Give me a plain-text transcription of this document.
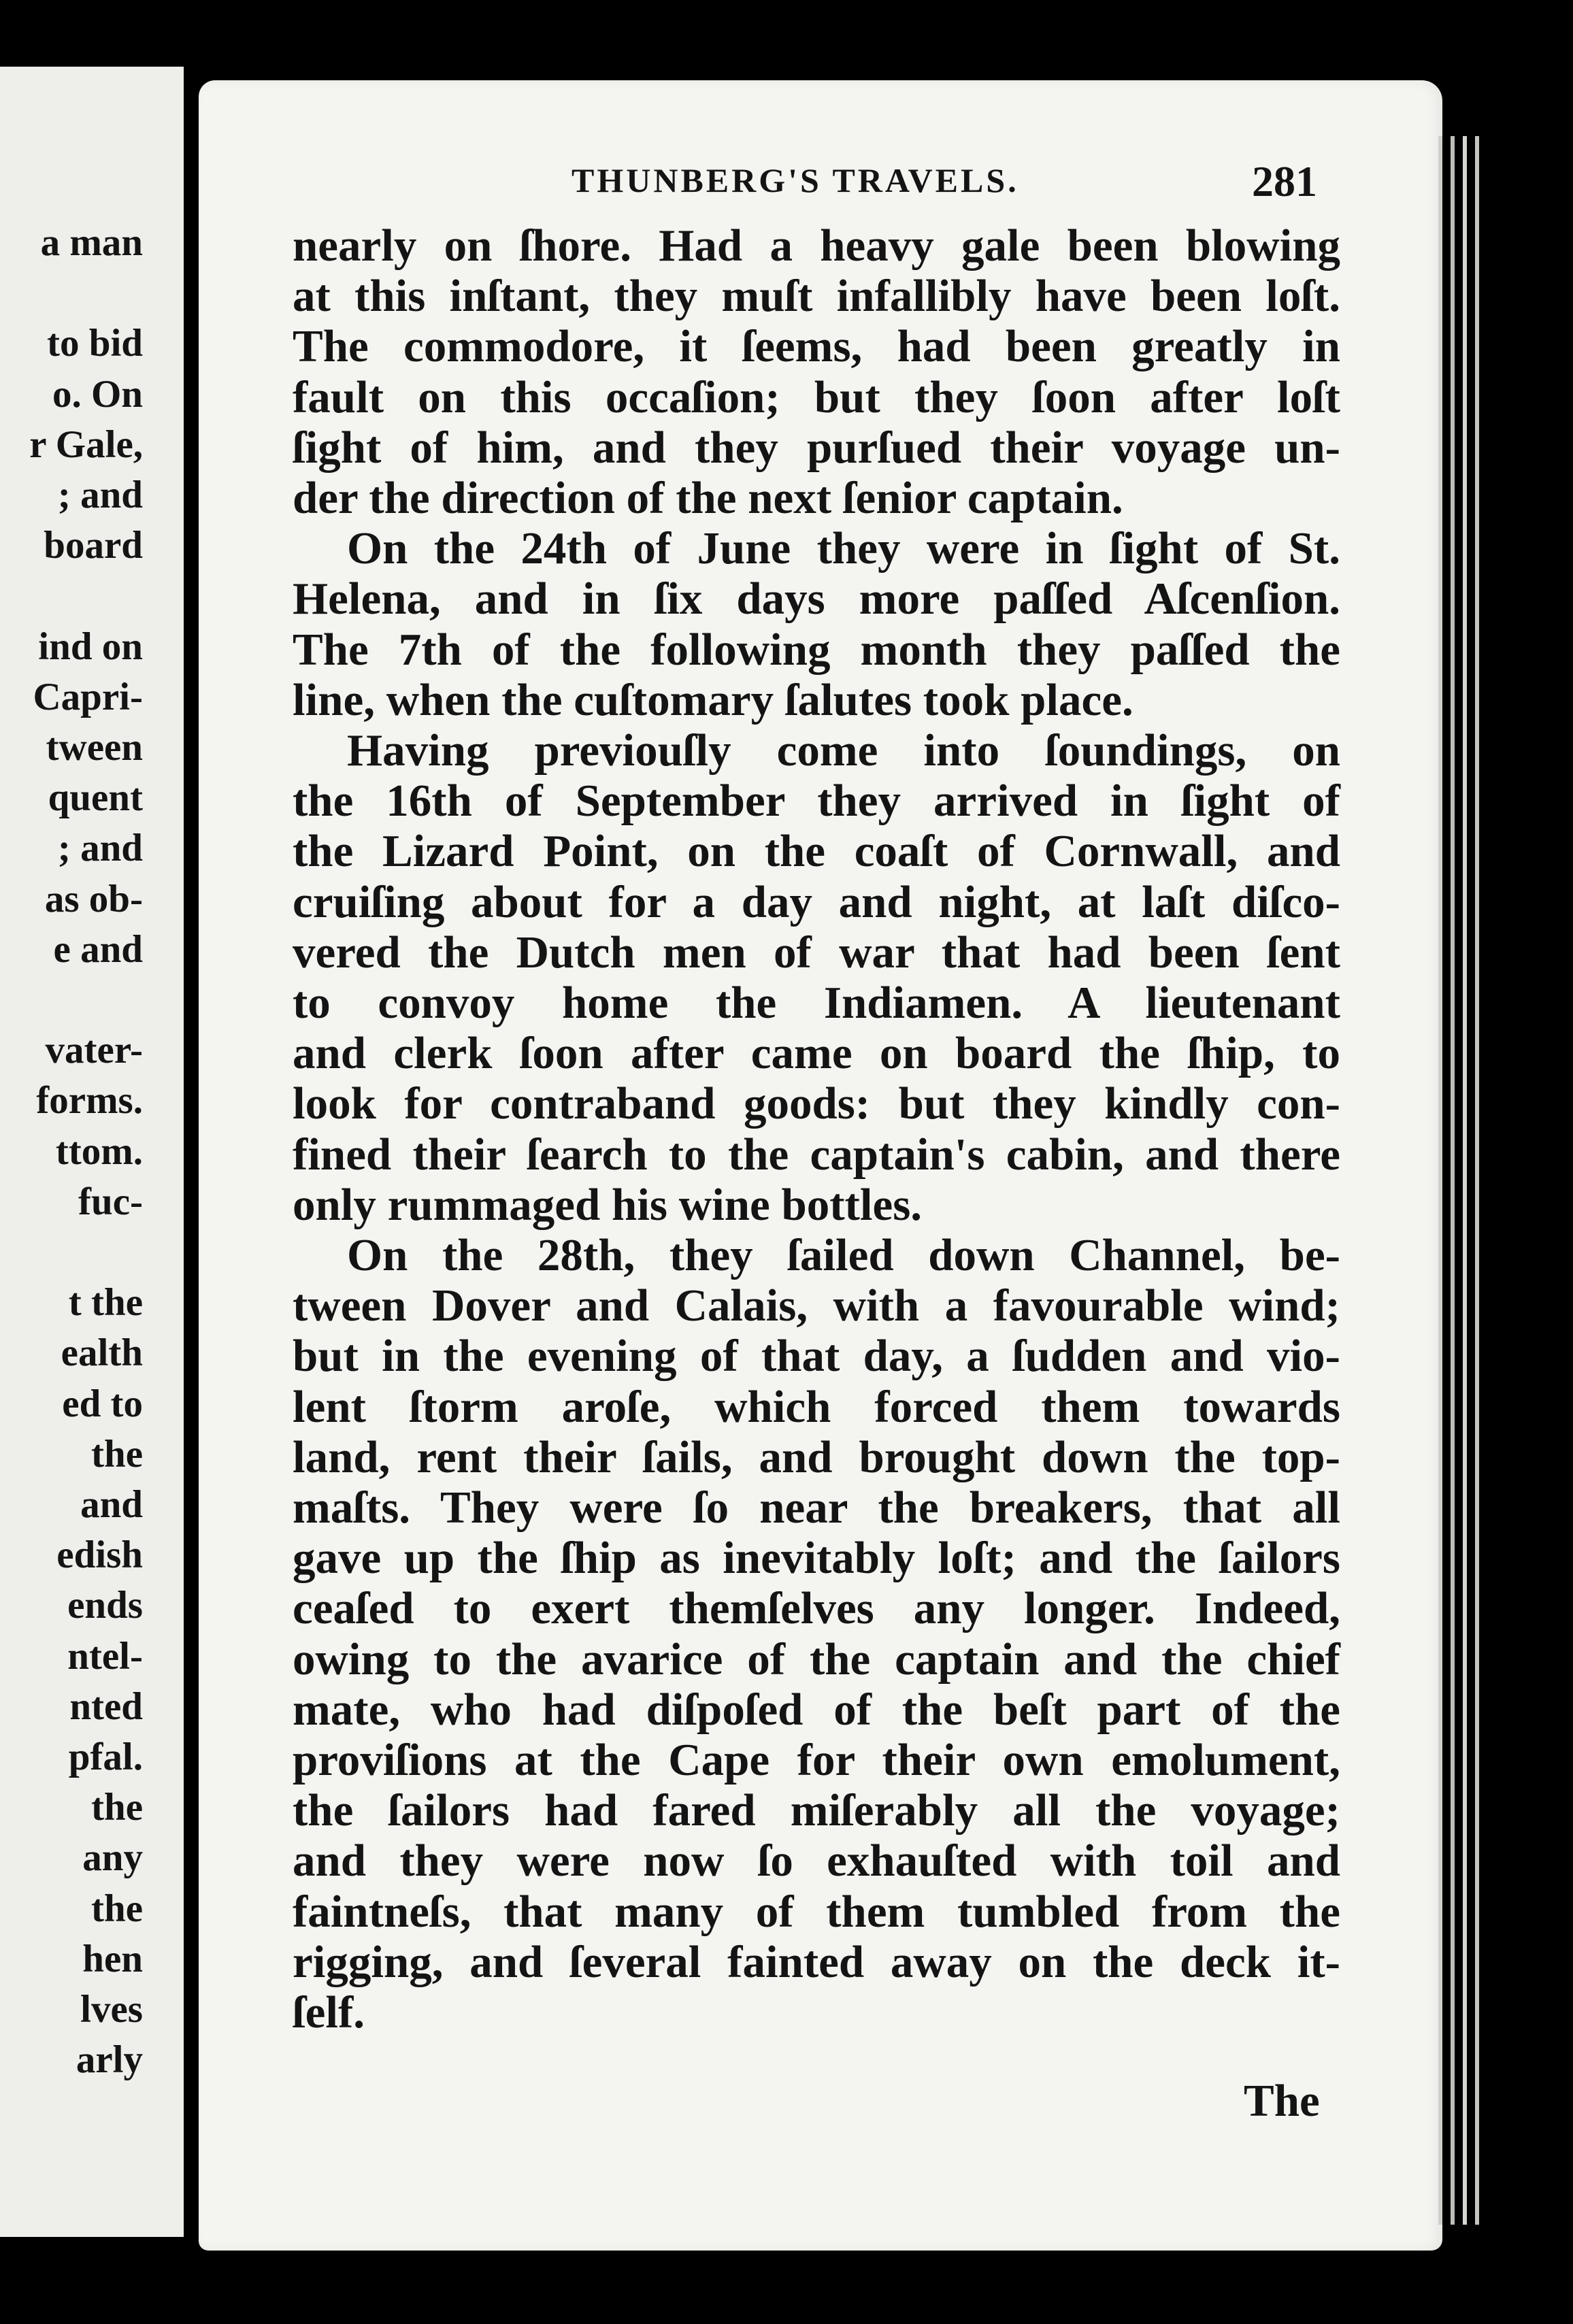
a man
to bid
o. On
r Gale,
; and
board
ind on
Capri-
tween
quent
; and
as ob-
e and
vater-
forms.
ttom.
fuc-
t the
ealth
ed to
the
and
edish
ends
ntel-
nted
pfal.
the
any
the
hen
lves
arly
THUNBERG'S TRAVELS.	281
nearly on ſhore. Had a heavy gale been blowing
at this inſtant, they muſt infallibly have been loſt.
The commodore, it ſeems, had been greatly in
fault on this occaſion; but they ſoon after loſt
ſight of him, and they purſued their voyage un-
der the direction of the next ſenior captain.
On the 24th of June they were in ſight of St.
Helena, and in ſix days more paſſed Aſcenſion.
The 7th of the following month they paſſed the
line, when the cuſtomary ſalutes took place.
Having previouſly come into ſoundings, on
the 16th of September they arrived in ſight of
the Lizard Point, on the coaſt of Cornwall, and
cruiſing about for a day and night, at laſt diſco-
vered the Dutch men of war that had been ſent
to convoy home the Indiamen. A lieutenant
and clerk ſoon after came on board the ſhip, to
look for contraband goods: but they kindly con-
fined their ſearch to the captain's cabin, and there
only rummaged his wine bottles.
On the 28th, they ſailed down Channel, be-
tween Dover and Calais, with a favourable wind;
but in the evening of that day, a ſudden and vio-
lent ſtorm aroſe, which forced them towards
land, rent their ſails, and brought down the top-
maſts. They were ſo near the breakers, that all
gave up the ſhip as inevitably loſt; and the ſailors
ceaſed to exert themſelves any longer. Indeed,
owing to the avarice of the captain and the chief
mate, who had diſpoſed of the beſt part of the
proviſions at the Cape for their own emolument,
the ſailors had fared miſerably all the voyage;
and they were now ſo exhauſted with toil and
faintneſs, that many of them tumbled from the
rigging, and ſeveral fainted away on the deck it-
ſelf.
The
